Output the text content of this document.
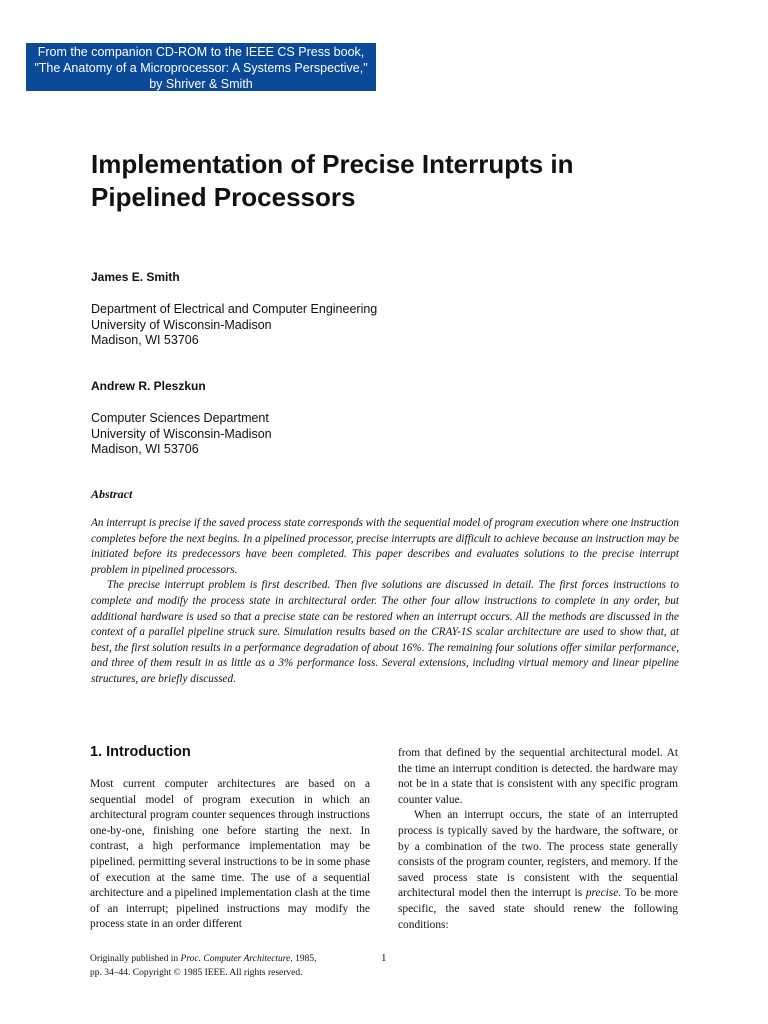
From the companion CD-ROM to the IEEE CS Press book,
"The Anatomy of a Microprocessor: A Systems Perspective,"
by Shriver & Smith
Implementation of Precise Interrupts in
Pipelined Processors

James E. Smith

Department of Electrical and Computer Engineering
University of Wisconsin-Madison
Madison, WI 53706

Andrew R. Pleszkun

Computer Sciences Department
University of Wisconsin-Madison
Madison, WI 53706

Abstract

An interrupt is precise if the saved process state corresponds with the sequential model of program execution where one instruction completes before the next begins. In a pipelined processor, precise interrupts are difficult to achieve because an instruction may be initiated before its predecessors have been completed. This paper describes and evaluates solutions to the precise interrupt problem in pipelined processors.

The precise interrupt problem is first described. Then five solutions are discussed in detail. The first forces instructions to complete and modify the process state in architectural order. The other four allow instructions to complete in any order, but additional hardware is used so that a precise state can be restored when an interrupt occurs. All the methods are discussed in the context of a parallel pipeline struck sure. Simulation results based on the CRAY-1S scalar architecture are used to show that, at best, the first solution results in a performance degradation of about 16%. The remaining four solutions offer similar performance, and three of them result in as little as a 3% performance loss. Several extensions, including virtual memory and linear pipeline structures, are briefly discussed.

1. Introduction

Most current computer architectures are based on a sequential model of program execution in which an architectural program counter sequences through instructions one-by-one, finishing one before starting the next. In contrast, a high performance implementation may be pipelined. permitting several instructions to be in some phase of execution at the same time. The use of a sequential architecture and a pipelined implementation clash at the time of an interrupt; pipelined instructions may modify the process state in an order different

from that defined by the sequential architectural model. At the time an interrupt condition is detected. the hardware may not be in a state that is consistent with any specific program counter value.

When an interrupt occurs, the state of an interrupted process is typically saved by the hardware, the software, or by a combination of the two. The process state generally consists of the program counter, registers, and memory. If the saved process state is consistent with the sequential architectural model then the interrupt is precise. To be more specific, the saved state should renew the following conditions:

Originally published in Proc. Computer Architecture, 1985,
pp. 34–44. Copyright © 1985 IEEE. All rights reserved.
1
